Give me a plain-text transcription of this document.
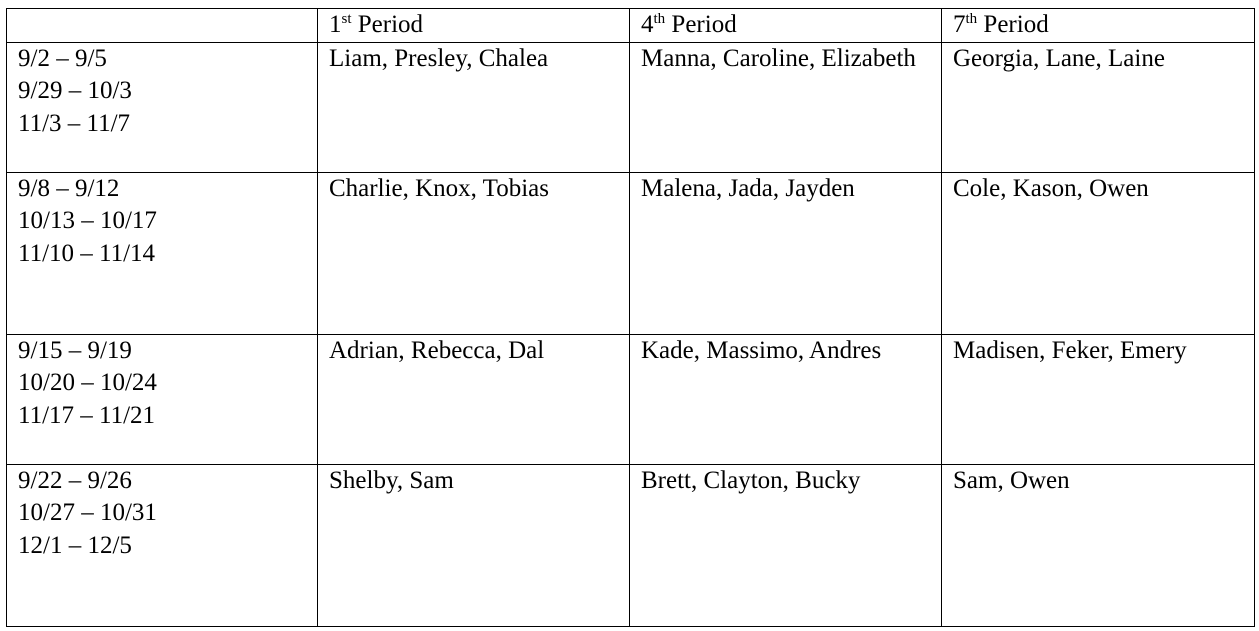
	1st Period	4th Period	7th Period

9/2 – 9/5
9/29 – 10/3
11/3 – 11/7	Liam, Presley, Chalea	Manna, Caroline, Elizabeth	Georgia, Lane, Laine

9/8 – 9/12
10/13 – 10/17
11/10 – 11/14	Charlie, Knox, Tobias	Malena, Jada, Jayden	Cole, Kason, Owen

9/15 – 9/19
10/20 – 10/24
11/17 – 11/21	Adrian, Rebecca, Dal	Kade, Massimo, Andres	Madisen, Feker, Emery

9/22 – 9/26
10/27 – 10/31
12/1 – 12/5	Shelby, Sam	Brett, Clayton, Bucky	Sam, Owen
